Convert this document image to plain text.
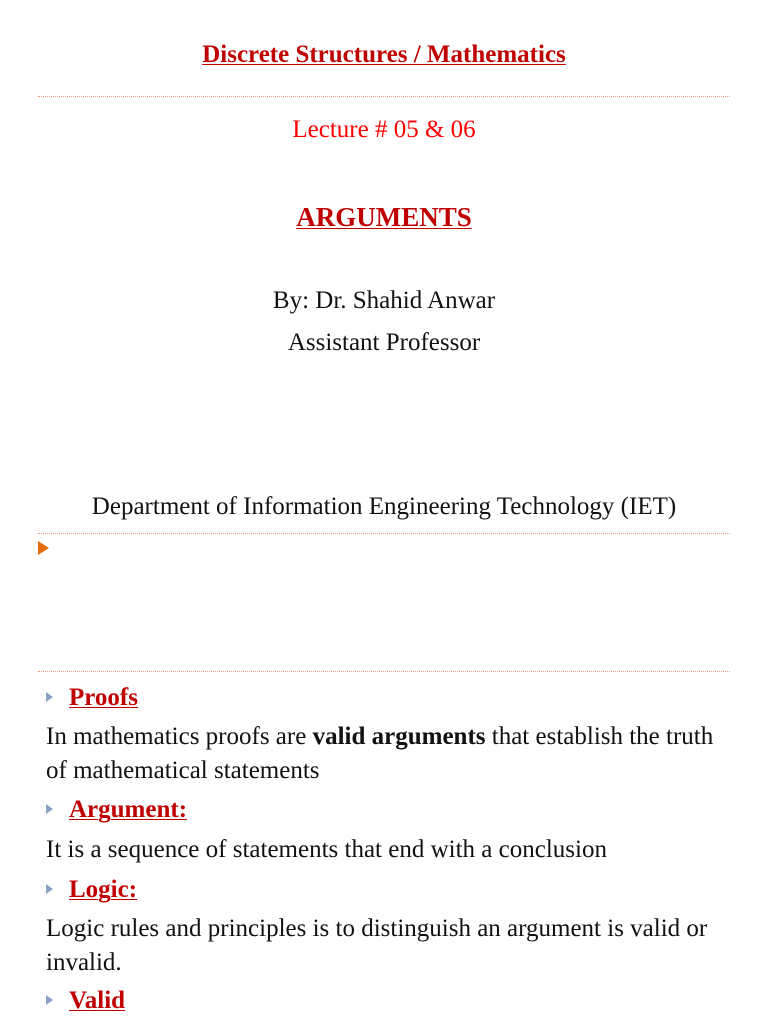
Discrete Structures / Mathematics
Lecture # 05 & 06
ARGUMENTS
By: Dr. Shahid Anwar
Assistant Professor
Department of Information Engineering Technology (IET)
Proofs
In mathematics proofs are valid arguments that establish the truth of mathematical statements
Argument:
It is a sequence of statements that end with a conclusion
Logic:
Logic rules and principles is to distinguish an argument is valid or invalid.
Valid
